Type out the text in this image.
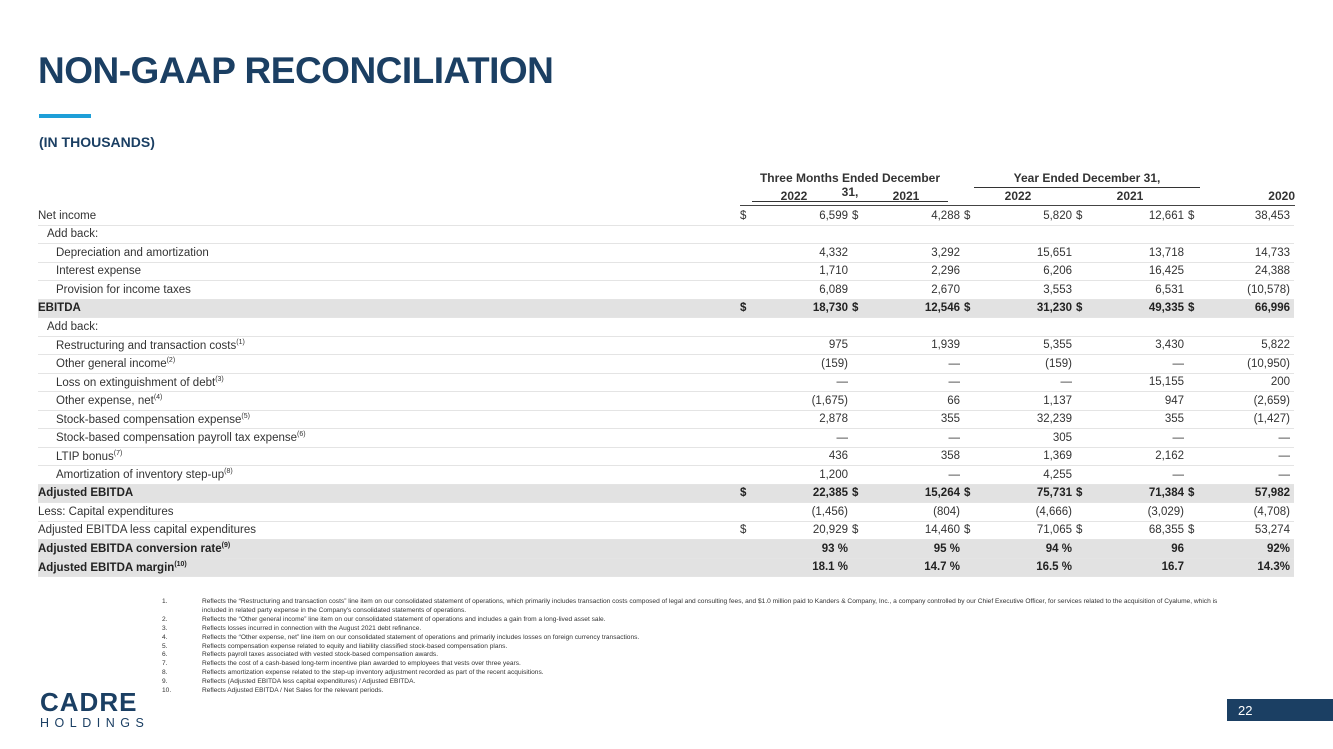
NON-GAAP RECONCILIATION
(IN THOUSANDS)
Three Months Ended December 31,
Year Ended December 31,
2022	2021	2022	2021	2020
Net income	$	6,599	$	4,288	$	5,820	$	12,661	$	38,453
Add back:										
Depreciation and amortization		4,332		3,292		15,651		13,718		14,733
Interest expense		1,710		2,296		6,206		16,425		24,388
Provision for income taxes		6,089		2,670		3,553		6,531		(10,578)
EBITDA	$	18,730	$	12,546	$	31,230	$	49,335	$	66,996
Add back:										
Restructuring and transaction costs$^{(1)}$		975		1,939		5,355		3,430		5,822
Other general income$^{(2)}$		(159)		—		(159)		—		(10,950)
Loss on extinguishment of debt$^{(3)}$		—		—		—		15,155		200
Other expense, net$^{(4)}$		(1,675)		66		1,137		947		(2,659)
Stock-based compensation expense$^{(5)}$		2,878		355		32,239		355		(1,427)
Stock-based compensation payroll tax expense$^{(6)}$		—		—		305		—		—
LTIP bonus$^{(7)}$		436		358		1,369		2,162		—
Amortization of inventory step-$up^{(8)}$		1,200		—		4,255		—		—
Adjusted EBITDA	$	22,385	$	15,264	$	75,731	$	71,384	$	57,982
Less: Capital expenditures		(1,456)		(804)		(4,666)		(3,029)		(4,708)
Adjusted EBITDA less capital expenditures	$	20,929	$	14,460	$	71,065	$	68,355	$	53,274
Adjusted EBITDA conversion rate$^{(9)}$		93 %		95 %		94 %		96		92%
Adjusted EBITDA margin$^{(10)}$		18.1 %		14.7 %		16.5 %		16.7		14.3%
1.	Reflects the “Restructuring and transaction costs” line item on our consolidated statement of operations, which primarily includes transaction costs composed of legal and consulting fees, and $1.0 million paid to Kanders & Company, Inc., a company controlled by our Chief Executive Officer, for services related to the acquisition of Cyalume, which is included in related party expense in the Company's consolidated statements of operations.
2.	Reflects the “Other general income” line item on our consolidated statement of operations and includes a gain from a long-lived asset sale.
3.	Reflects losses incurred in connection with the August 2021 debt refinance.
4.	Reflects the “Other expense, net” line item on our consolidated statement of operations and primarily includes losses on foreign currency transactions.
5.	Reflects compensation expense related to equity and liability classified stock-based compensation plans.
6.	Reflects payroll taxes associated with vested stock-based compensation awards.
7.	Reflects the cost of a cash-based long-term incentive plan awarded to employees that vests over three years.
8.	Reflects amortization expense related to the step-up inventory adjustment recorded as part of the recent acquisitions.
9.	Reflects (Adjusted EBITDA less capital expenditures) / Adjusted EBITDA.
10.	Reflects Adjusted EBITDA / Net Sales for the relevant periods.
CADRE
HOLDINGS
22
